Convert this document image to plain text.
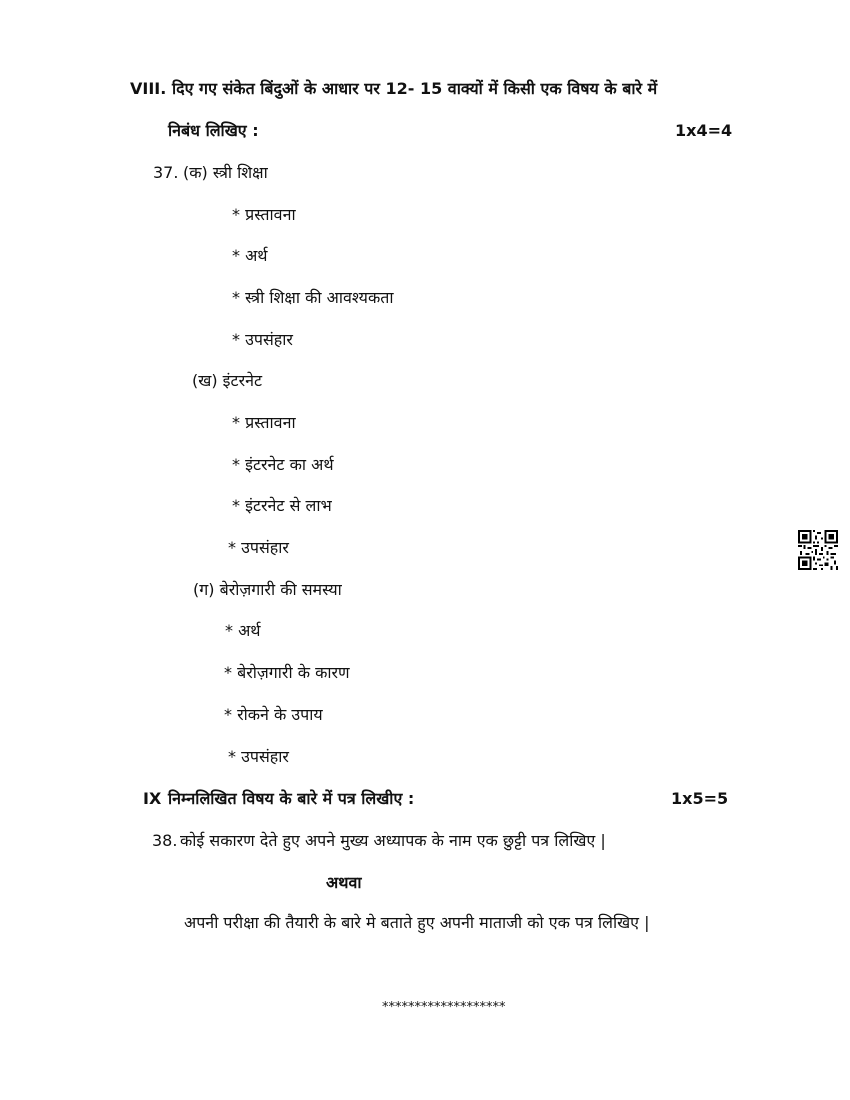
VIII. दिए गए संकेत बिंदुओं के आधार पर 12- 15 वाक्यों में किसी एक विषय के बारे में
निबंध लिखिए :	1x4=4
37. (क) स्त्री शिक्षा
* प्रस्तावना
* अर्थ
* स्त्री शिक्षा की आवश्यकता
* उपसंहार
(ख) इंटरनेट
* प्रस्तावना
* इंटरनेट का अर्थ
* इंटरनेट से लाभ
* उपसंहार
(ग) बेरोज़गारी की समस्या
* अर्थ
* बेरोज़गारी के कारण
* रोकने के उपाय
* उपसंहार
IX निम्नलिखित विषय के बारे में पत्र लिखीए :	1x5=5
38. कोई सकारण देते हुए अपने मुख्य अध्यापक के नाम एक छुट्टी पत्र लिखिए |
अथवा
अपनी परीक्षा की तैयारी के बारे मे बताते हुए अपनी माताजी को एक पत्र लिखिए |
*******************
